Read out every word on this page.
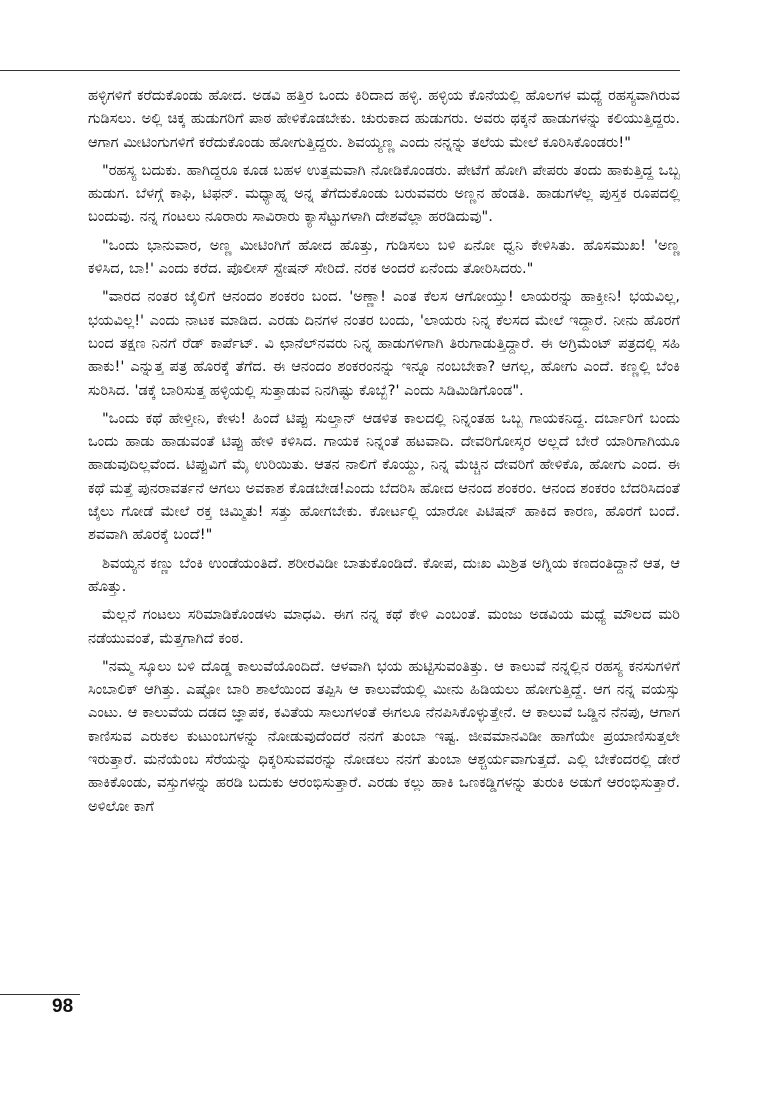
ಹಳ್ಳಿಗಳಿಗೆ ಕರೆದುಕೊಂಡು ಹೋದ. ಅಡವಿ ಹತ್ತಿರ ಒಂದು ಕಿರಿದಾದ ಹಳ್ಳಿ. ಹಳ್ಳಿಯ ಕೊನೆಯಲ್ಲಿ ಹೊಲಗಳ ಮಧ್ಯೆ ರಹಸ್ಯವಾಗಿರುವ ಗುಡಿಸಲು. ಅಲ್ಲಿ ಚಿಕ್ಕ ಹುಡುಗರಿಗೆ ಪಾಠ ಹೇಳಿಕೊಡಬೇಕು. ಚುರುಕಾದ ಹುಡುಗರು. ಅವರು ಥಕ್ಕನೆ ಹಾಡುಗಳನ್ನು ಕಲಿಯುತ್ತಿದ್ದರು. ಆಗಾಗ ಮೀಟಿಂಗುಗಳಿಗೆ ಕರೆದುಕೊಂಡು ಹೋಗುತ್ತಿದ್ದರು. ಶಿವಯ್ಯಣ್ಣ ಎಂದು ನನ್ನನ್ನು ತಲೆಯ ಮೇಲೆ ಕೂರಿಸಿಕೊಂಡರು!"

"ರಹಸ್ಯ ಬದುಕು. ಹಾಗಿದ್ದರೂ ಕೂಡ ಬಹಳ ಉತ್ತಮವಾಗಿ ನೋಡಿಕೊಂಡರು. ಪೇಟೆಗೆ ಹೋಗಿ ಪೇಪರು ತಂದು ಹಾಕುತ್ತಿದ್ದ ಒಬ್ಬ ಹುಡುಗ. ಬೆಳಗ್ಗೆ ಕಾಫಿ, ಟಿಫನ್. ಮಧ್ಯಾಹ್ನ ಅನ್ನ ತೆಗೆದುಕೊಂಡು ಬರುವವರು ಅಣ್ಣನ ಹೆಂಡತಿ. ಹಾಡುಗಳೆಲ್ಲ ಪುಸ್ತಕ ರೂಪದಲ್ಲಿ ಬಂದುವು. ನನ್ನ ಗಂಟಲು ನೂರಾರು ಸಾವಿರಾರು ಕ್ಯಾಸೆಟ್ಟುಗಳಾಗಿ ದೇಶವೆಲ್ಲಾ ಹರಡಿದುವು".

"ಒಂದು ಭಾನುವಾರ, ಅಣ್ಣ ಮೀಟಿಂಗಿಗೆ ಹೋದ ಹೊತ್ತು, ಗುಡಿಸಲು ಬಳಿ ಏನೋ ಧ್ವನಿ ಕೇಳಿಸಿತು. ಹೊಸಮುಖ! 'ಅಣ್ಣ ಕಳಿಸಿದ, ಬಾ!' ಎಂದು ಕರೆದ. ಪೊಲೀಸ್ ಸ್ಟೇಷನ್ ಸೇರಿದೆ. ನರಕ ಅಂದರೆ ಏನೆಂದು ತೋರಿಸಿದರು."

"ವಾರದ ನಂತರ ಜೈಲಿಗೆ ಆನಂದಂ ಶಂಕರಂ ಬಂದ. 'ಅಣ್ಣಾ! ಎಂತ ಕೆಲಸ ಆಗೋಯ್ತು! ಲಾಯರನ್ನು ಹಾಕ್ತೀನಿ! ಭಯವಿಲ್ಲ, ಭಯವಿಲ್ಲ!' ಎಂದು ನಾಟಕ ಮಾಡಿದ. ಎರಡು ದಿನಗಳ ನಂತರ ಬಂದು, 'ಲಾಯರು ನಿನ್ನ ಕೆಲಸದ ಮೇಲೆ ಇದ್ದಾರೆ. ನೀನು ಹೊರಗೆ ಬಂದ ತಕ್ಷಣ ನಿನಗೆ ರೆಡ್ ಕಾರ್ಪೆಟ್. ವಿ ಛಾನೆಲ್‌ನವರು ನಿನ್ನ ಹಾಡುಗಳಿಗಾಗಿ ತಿರುಗಾಡುತ್ತಿದ್ದಾರೆ. ಈ ಅಗ್ರಿಮೆಂಟ್ ಪತ್ರದಲ್ಲಿ ಸಹಿ ಹಾಕು!' ಎನ್ನುತ್ತ ಪತ್ರ ಹೊರಕ್ಕೆ ತೆಗೆದ. ಈ ಆನಂದಂ ಶಂಕರಂನನ್ನು ಇನ್ನೂ ನಂಬಬೇಕಾ? ಆಗಲ್ಲ, ಹೋಗು ಎಂದೆ. ಕಣ್ಣಲ್ಲಿ ಬೆಂಕಿ ಸುರಿಸಿದ. 'ಡಕ್ಕೆ ಬಾರಿಸುತ್ತ ಹಳ್ಳಿಯಲ್ಲಿ ಸುತ್ತಾಡುವ ನಿನಗಿಷ್ಟು ಕೊಬ್ಬೆ?' ಎಂದು ಸಿಡಿಮಿಡಿಗೊಂಡ".

"ಒಂದು ಕಥೆ ಹೇಳ್ತೀನಿ, ಕೇಳು! ಹಿಂದೆ ಟಿಪ್ಪು ಸುಲ್ತಾನ್ ಆಡಳಿತ ಕಾಲದಲ್ಲಿ ನಿನ್ನಂತಹ ಒಬ್ಬ ಗಾಯಕನಿದ್ದ. ದರ್ಬಾರಿಗೆ ಬಂದು ಒಂದು ಹಾಡು ಹಾಡುವಂತೆ ಟಿಪ್ಪು ಹೇಳಿ ಕಳಿಸಿದ. ಗಾಯಕ ನಿನ್ನಂತೆ ಹಟವಾದಿ. ದೇವರಿಗೋಸ್ಕರ ಅಲ್ಲದೆ ಬೇರೆ ಯಾರಿಗಾಗಿಯೂ ಹಾಡುವುದಿಲ್ಲವೆಂದ. ಟಿಪ್ಪುವಿಗೆ ಮೈ ಉರಿಯಿತು. ಆತನ ನಾಲಿಗೆ ಕೊಯ್ದು, ನಿನ್ನ ಮೆಚ್ಚಿನ ದೇವರಿಗೆ ಹೇಳಿಕೊ, ಹೋಗು ಎಂದ. ಈ ಕಥೆ ಮತ್ತೆ ಪುನರಾವರ್ತನೆ ಆಗಲು ಅವಕಾಶ ಕೊಡಬೇಡ!ಎಂದು ಬೆದರಿಸಿ ಹೋದ ಆನಂದ ಶಂಕರಂ. ಆನಂದ ಶಂಕರಂ ಬೆದರಿಸಿದಂತೆ ಜೈಲು ಗೋಡೆ ಮೇಲೆ ರಕ್ತ ಚಿಮ್ಮಿತು! ಸತ್ತು ಹೋಗಬೇಕು. ಕೋರ್ಟಲ್ಲಿ ಯಾರೋ ಪಿಟಿಷನ್ ಹಾಕಿದ ಕಾರಣ, ಹೊರಗೆ ಬಂದೆ. ಶವವಾಗಿ ಹೊರಕ್ಕೆ ಬಂದೆ!"

ಶಿವಯ್ಯನ ಕಣ್ಣು ಬೆಂಕಿ ಉಂಡೆಯಂತಿದೆ. ಶರೀರವಿಡೀ ಬಾತುಕೊಂಡಿದೆ. ಕೋಪ, ದುಃಖ ಮಿಶ್ರಿತ ಅಗ್ನಿಯ ಕಣದಂತಿದ್ದಾನೆ ಆತ, ಆ ಹೊತ್ತು.

ಮೆಲ್ಲನೆ ಗಂಟಲು ಸರಿಮಾಡಿಕೊಂಡಳು ಮಾಧವಿ. ಈಗ ನನ್ನ ಕಥೆ ಕೇಳಿ ಎಂಬಂತೆ. ಮಂಜು ಅಡವಿಯ ಮಧ್ಯೆ ಮೌಲದ ಮರಿ ನಡೆಯುವಂತೆ, ಮೆತ್ತಗಾಗಿದೆ ಕಂಠ.

"ನಮ್ಮ ಸ್ಕೂಲು ಬಳಿ ದೊಡ್ಡ ಕಾಲುವೆಯೊಂದಿದೆ. ಆಳವಾಗಿ ಭಯ ಹುಟ್ಟಿಸುವಂತಿತ್ತು. ಆ ಕಾಲುವೆ ನನ್ನಲ್ಲಿನ ರಹಸ್ಯ ಕನಸುಗಳಿಗೆ ಸಿಂಬಾಲಿಕ್ ಆಗಿತ್ತು. ಎಷ್ಟೋ ಬಾರಿ ಶಾಲೆಯಿಂದ ತಪ್ಪಿಸಿ ಆ ಕಾಲುವೆಯಲ್ಲಿ ಮೀನು ಹಿಡಿಯಲು ಹೋಗುತ್ತಿದ್ದೆ. ಆಗ ನನ್ನ ವಯಸ್ಸು ಎಂಟು. ಆ ಕಾಲುವೆಯ ದಡದ ಜ್ಞಾಪಕ, ಕವಿತೆಯ ಸಾಲುಗಳಂತೆ ಈಗಲೂ ನೆನಪಿಸಿಕೊಳ್ಳುತ್ತೇನೆ. ಆ ಕಾಲುವೆ ಒಡ್ಡಿನ ನೆನಪು, ಆಗಾಗ ಕಾಣಿಸುವ ಎರುಕಲ ಕುಟುಂಬಗಳನ್ನು ನೋಡುವುದೆಂದರೆ ನನಗೆ ತುಂಬಾ ಇಷ್ಟ. ಜೀವಮಾನವಿಡೀ ಹಾಗೆಯೇ ಪ್ರಯಾಣಿಸುತ್ತಲೇ ಇರುತ್ತಾರೆ. ಮನೆಯೆಂಬ ಸೆರೆಯನ್ನು ಧಿಕ್ಕರಿಸುವವರನ್ನು ನೋಡಲು ನನಗೆ ತುಂಬಾ ಆಶ್ಚರ್ಯವಾಗುತ್ತದೆ. ಎಲ್ಲಿ ಬೇಕೆಂದರಲ್ಲಿ ಡೇರೆ ಹಾಕಿಕೊಂಡು, ವಸ್ತುಗಳನ್ನು ಹರಡಿ ಬದುಕು ಆರಂಭಿಸುತ್ತಾರೆ. ಎರಡು ಕಲ್ಲು ಹಾಕಿ ಒಣಕಡ್ಡಿಗಳನ್ನು ತುರುಕಿ ಅಡುಗೆ ಆರಂಭಿಸುತ್ತಾರೆ. ಅಳಿಲೋ ಕಾಗೆ

98
